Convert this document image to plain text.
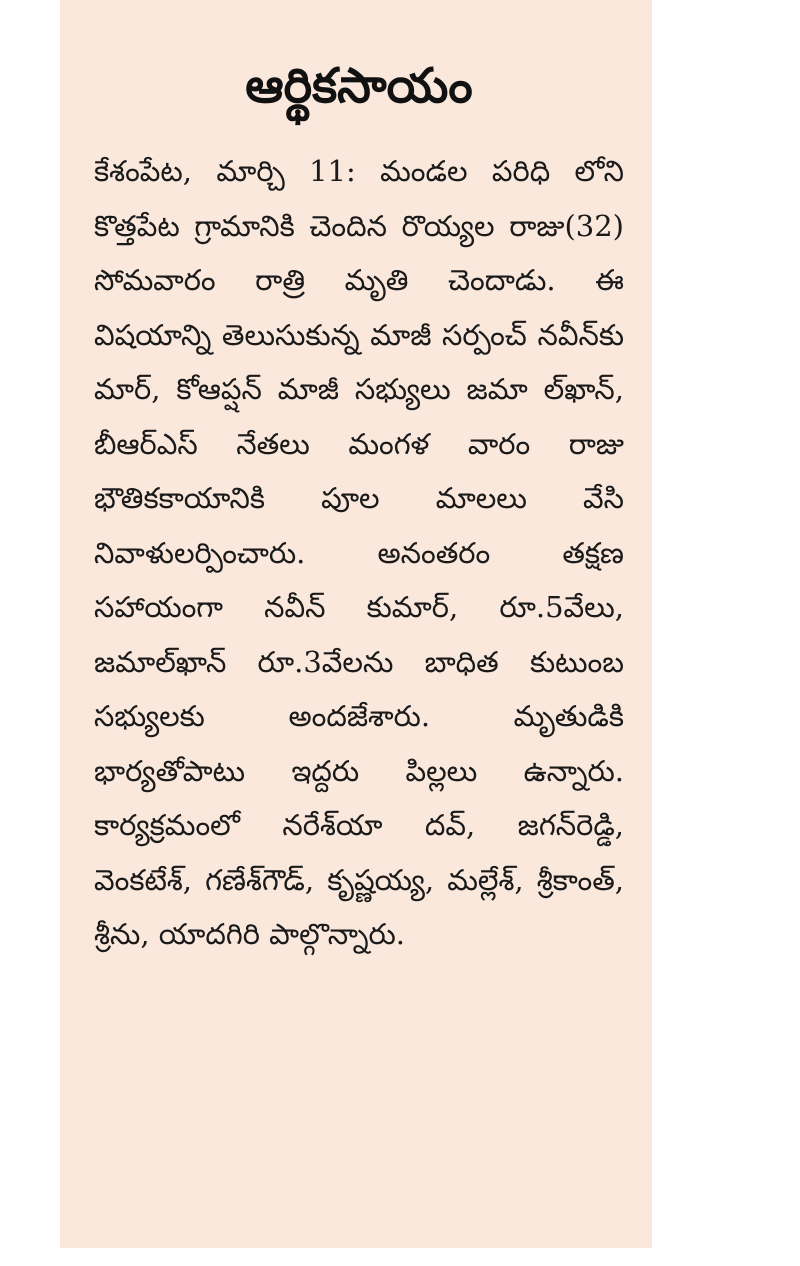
ఆర్థికసాయం

కేశంపేట, మార్చి 11: మండల పరిధి లోని కొత్తపేట గ్రామానికి చెందిన రొయ్యల రాజు(32) సోమవారం రాత్రి మృతి చెందాడు. ఈ విషయాన్ని తెలుసుకున్న మాజీ సర్పంచ్ నవీన్‌కు మార్, కోఆప్షన్ మాజీ సభ్యులు జమా ల్‌ఖాన్, బీఆర్ఎస్ నేతలు మంగళ వారం రాజు భౌతికకాయానికి పూల మాలలు వేసి నివాళులర్పించారు. అనంతరం తక్షణ సహాయంగా నవీన్ కుమార్, రూ.5వేలు, జమాల్‌ఖాన్ రూ.3వేలను బాధిత కుటుంబ సభ్యులకు అందజేశారు. మృతుడికి భార్యతోపాటు ఇద్దరు పిల్లలు ఉన్నారు. కార్యక్రమంలో నరేశ్‌యా దవ్, జగన్‌రెడ్డి, వెంకటేశ్, గణేశ్‌గౌడ్, కృష్ణయ్య, మల్లేశ్, శ్రీకాంత్, శ్రీను, యాదగిరి పాల్గొన్నారు.
